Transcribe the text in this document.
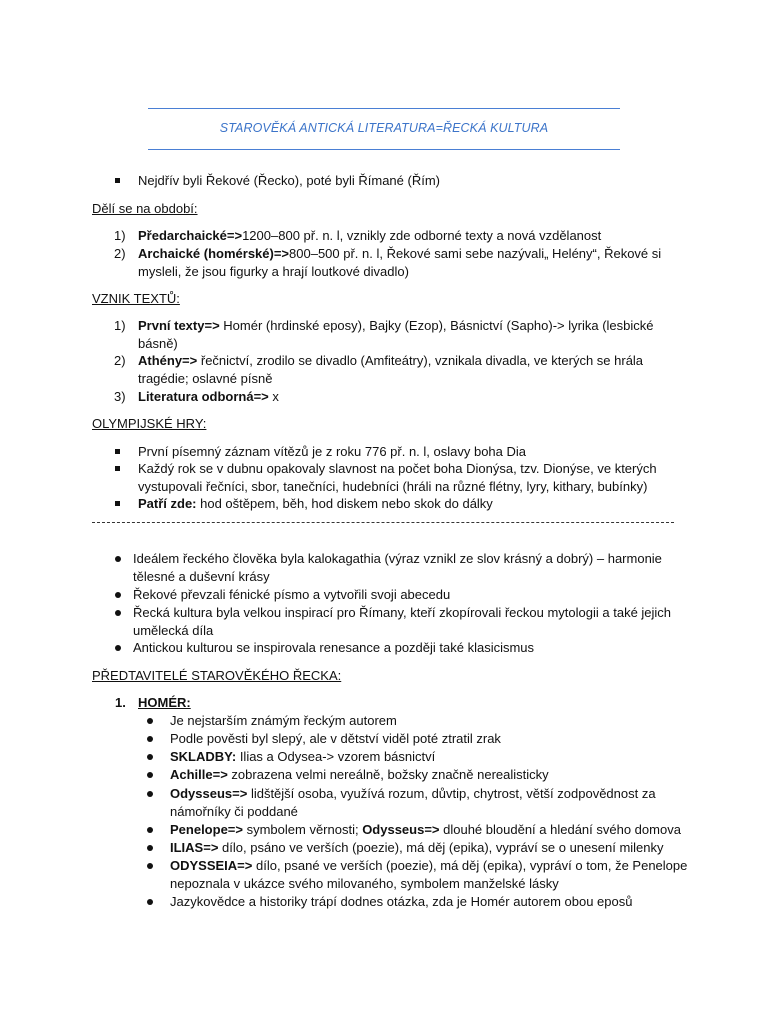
STAROVĚKÁ ANTICKÁ LITERATURA=ŘECKÁ KULTURA
Nejdřív byli Řekové (Řecko), poté byli Římané (Řím)
Dělí se na období:
1) Předarchaické=>1200–800 př. n. l, vznikly zde odborné texty a nová vzdělanost
2) Archaické (homérské)=>800–500 př. n. l, Řekové sami sebe nazývali„ Helény“, Řekové si
mysleli, že jsou figurky a hrají loutkové divadlo)
VZNIK TEXTŮ:
1) První texty=> Homér (hrdinské eposy), Bajky (Ezop), Básnictví (Sapho)-> lyrika (lesbické
básně)
2) Athény=> řečnictví, zrodilo se divadlo (Amfiteátry), vznikala divadla, ve kterých se hrála
tragédie; oslavné písně
3) Literatura odborná=> x
OLYMPIJSKÉ HRY:
První písemný záznam vítězů je z roku 776 př. n. l, oslavy boha Dia
Každý rok se v dubnu opakovaly slavnost na počet boha Dionýsa, tzv. Dionýse, ve kterých
vystupovali řečníci, sbor, tanečníci, hudebníci (hráli na různé flétny, lyry, kithary, bubínky)
Patří zde: hod oštěpem, běh, hod diskem nebo skok do dálky
Ideálem řeckého člověka byla kalokagathia (výraz vznikl ze slov krásný a dobrý) – harmonie
tělesné a duševní krásy
Řekové převzali fénické písmo a vytvořili svoji abecedu
Řecká kultura byla velkou inspirací pro Římany, kteří zkopírovali řeckou mytologii a také jejich
umělecká díla
Antickou kulturou se inspirovala renesance a později také klasicismus
PŘEDTAVITELÉ STAROVĚKÉHO ŘECKA:
1. HOMÉR:
Je nejstarším známým řeckým autorem
Podle pověsti byl slepý, ale v dětství viděl poté ztratil zrak
SKLADBY: Ilias a Odysea-> vzorem básnictví
Achille=> zobrazena velmi nereálně, božsky značně nerealisticky
Odysseus=> lidštější osoba, využívá rozum, důvtip, chytrost, větší zodpovědnost za
námořníky či poddané
Penelope=> symbolem věrnosti; Odysseus=> dlouhé bloudění a hledání svého domova
ILIAS=> dílo, psáno ve verších (poezie), má děj (epika), vypráví se o unesení milenky
ODYSSEIA=> dílo, psané ve verších (poezie), má děj (epika), vypráví o tom, že Penelope
nepoznala v ukázce svého milovaného, symbolem manželské lásky
Jazykovědce a historiky trápí dodnes otázka, zda je Homér autorem obou eposů
